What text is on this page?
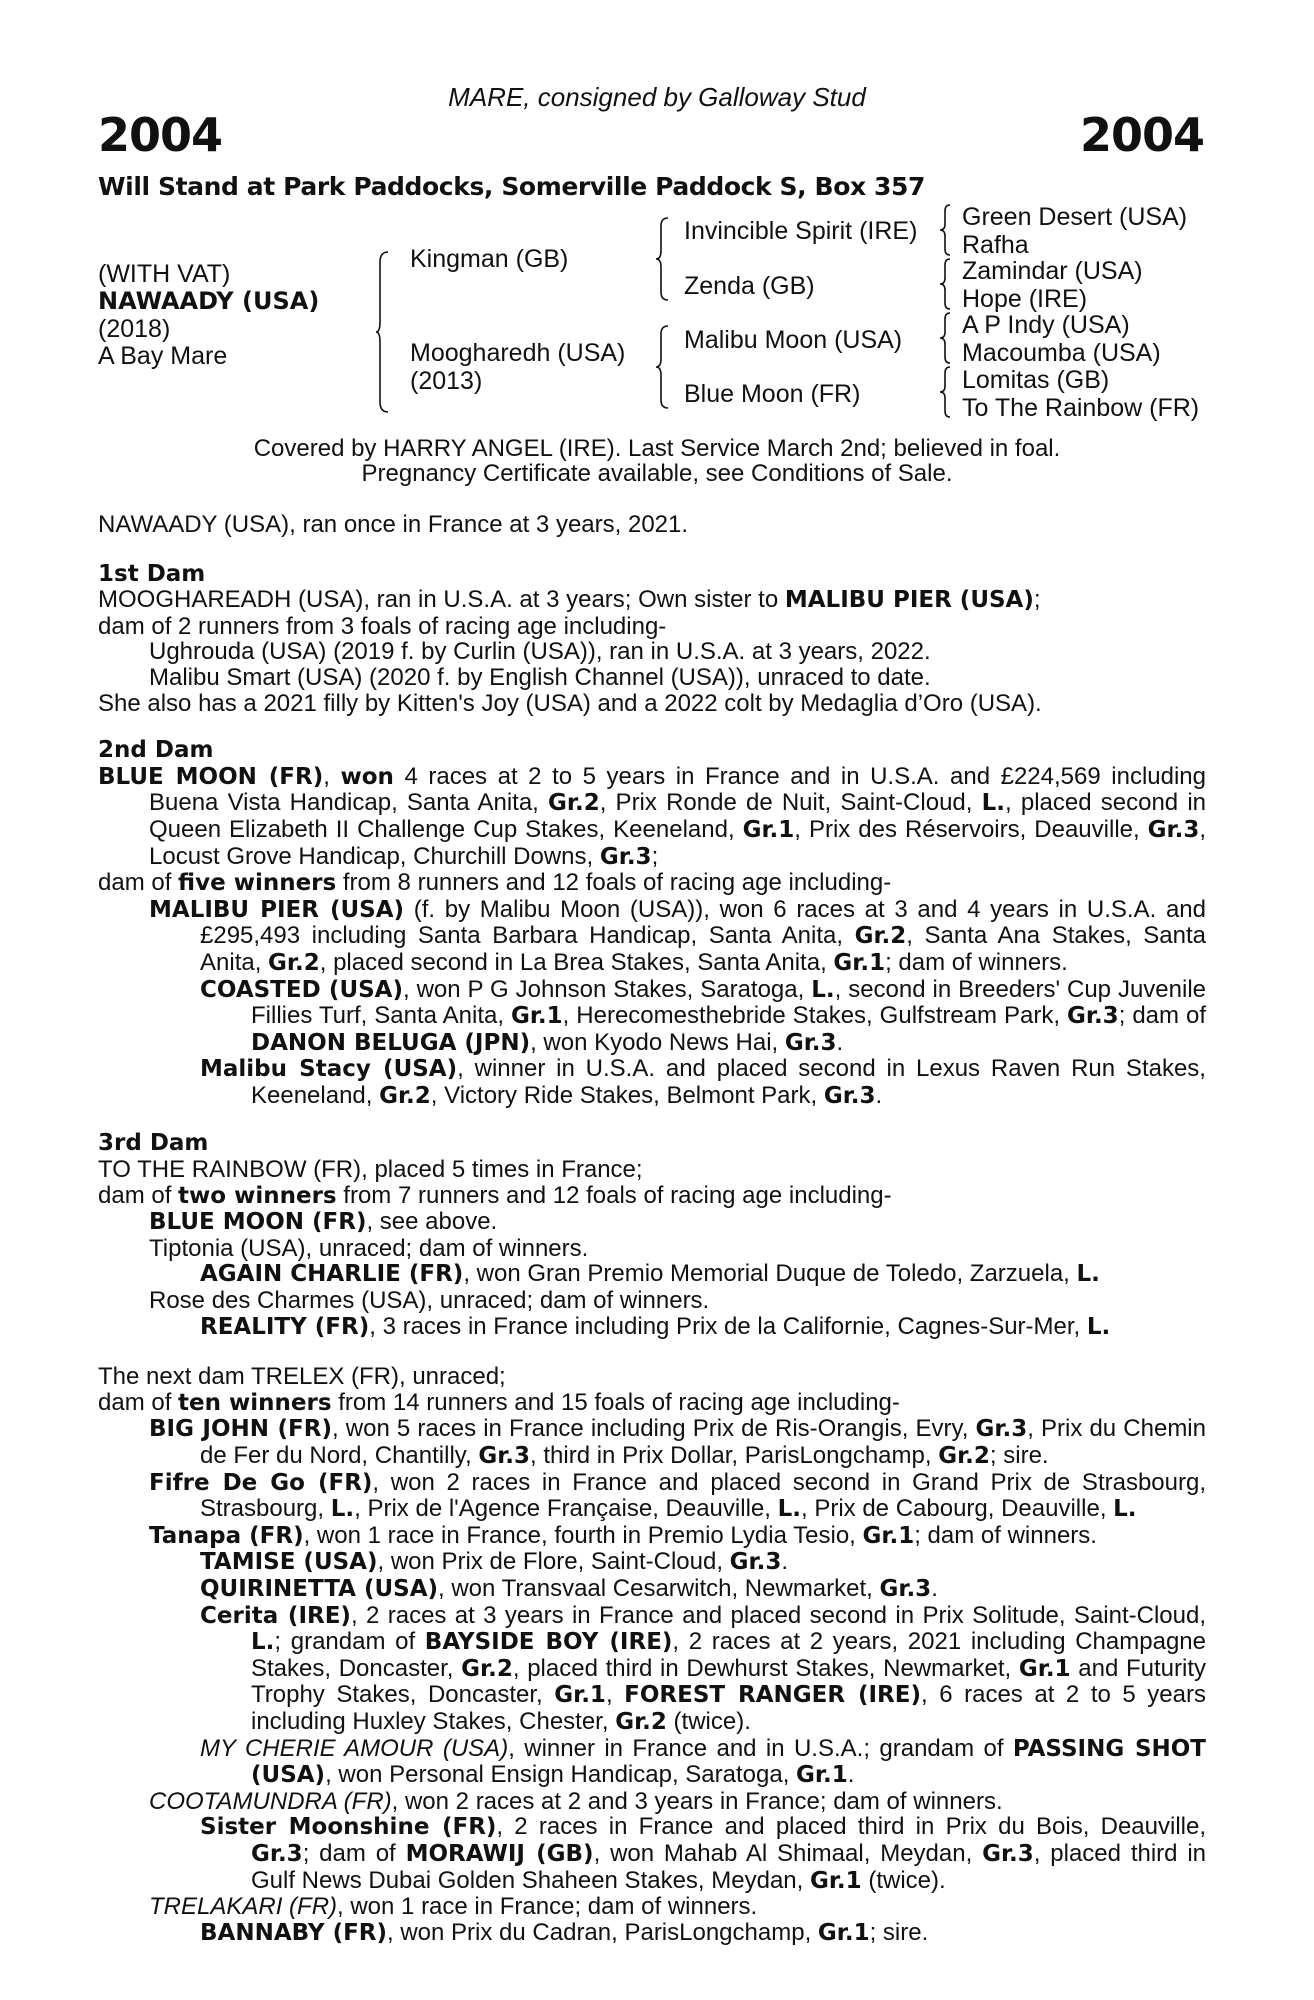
MARE, consigned by Galloway Stud
2004	2004
Will Stand at Park Paddocks, Somerville Paddock S, Box 357
(WITH VAT)
NAWAADY (USA)
(2018)
A Bay Mare
Kingman (GB)
Moogharedh (USA)
(2013)
Invincible Spirit (IRE)
Zenda (GB)
Malibu Moon (USA)
Blue Moon (FR)
Green Desert (USA)
Rafha
Zamindar (USA)
Hope (IRE)
A P Indy (USA)
Macoumba (USA)
Lomitas (GB)
To The Rainbow (FR)
Covered by HARRY ANGEL (IRE). Last Service March 2nd; believed in foal.
Pregnancy Certificate available, see Conditions of Sale.

NAWAADY (USA), ran once in France at 3 years, 2021.

1st Dam

MOOGHAREADH (USA), ran in U.S.A. at 3 years; Own sister to MALIBU PIER (USA);

dam of 2 runners from 3 foals of racing age including-

Ughrouda (USA) (2019 f. by Curlin (USA)), ran in U.S.A. at 3 years, 2022.

Malibu Smart (USA) (2020 f. by English Channel (USA)), unraced to date.

She also has a 2021 filly by Kitten's Joy (USA) and a 2022 colt by Medaglia d’Oro (USA).

2nd Dam

BLUE MOON (FR), won 4 races at 2 to 5 years in France and in U.S.A. and £224,569 including Buena Vista Handicap, Santa Anita, Gr.2, Prix Ronde de Nuit, Saint-Cloud, L., placed second in Queen Elizabeth II Challenge Cup Stakes, Keeneland, Gr.1, Prix des Réservoirs, Deauville, Gr.3, Locust Grove Handicap, Churchill Downs, Gr.3;

dam of five winners from 8 runners and 12 foals of racing age including-

MALIBU PIER (USA) (f. by Malibu Moon (USA)), won 6 races at 3 and 4 years in U.S.A. and £295,493 including Santa Barbara Handicap, Santa Anita, Gr.2, Santa Ana Stakes, Santa Anita, Gr.2, placed second in La Brea Stakes, Santa Anita, Gr.1; dam of winners.

COASTED (USA), won P G Johnson Stakes, Saratoga, L., second in Breeders' Cup Juvenile Fillies Turf, Santa Anita, Gr.1, Herecomesthebride Stakes, Gulfstream Park, Gr.3; dam of DANON BELUGA (JPN), won Kyodo News Hai, Gr.3.

Malibu Stacy (USA), winner in U.S.A. and placed second in Lexus Raven Run Stakes, Keeneland, Gr.2, Victory Ride Stakes, Belmont Park, Gr.3.

3rd Dam

TO THE RAINBOW (FR), placed 5 times in France;

dam of two winners from 7 runners and 12 foals of racing age including-

BLUE MOON (FR), see above.

Tiptonia (USA), unraced; dam of winners.

AGAIN CHARLIE (FR), won Gran Premio Memorial Duque de Toledo, Zarzuela, L.

Rose des Charmes (USA), unraced; dam of winners.

REALITY (FR), 3 races in France including Prix de la Californie, Cagnes-Sur-Mer, L.

The next dam TRELEX (FR), unraced;

dam of ten winners from 14 runners and 15 foals of racing age including-

BIG JOHN (FR), won 5 races in France including Prix de Ris-Orangis, Evry, Gr.3, Prix du Chemin de Fer du Nord, Chantilly, Gr.3, third in Prix Dollar, ParisLongchamp, Gr.2; sire.

Fifre De Go (FR), won 2 races in France and placed second in Grand Prix de Strasbourg, Strasbourg, L., Prix de l'Agence Française, Deauville, L., Prix de Cabourg, Deauville, L.

Tanapa (FR), won 1 race in France, fourth in Premio Lydia Tesio, Gr.1; dam of winners.

TAMISE (USA), won Prix de Flore, Saint-Cloud, Gr.3.

QUIRINETTA (USA), won Transvaal Cesarwitch, Newmarket, Gr.3.

Cerita (IRE), 2 races at 3 years in France and placed second in Prix Solitude, Saint-Cloud, L.; grandam of BAYSIDE BOY (IRE), 2 races at 2 years, 2021 including Champagne Stakes, Doncaster, Gr.2, placed third in Dewhurst Stakes, Newmarket, Gr.1 and Futurity Trophy Stakes, Doncaster, Gr.1, FOREST RANGER (IRE), 6 races at 2 to 5 years including Huxley Stakes, Chester, Gr.2 (twice).

MY CHERIE AMOUR (USA), winner in France and in U.S.A.; grandam of PASSING SHOT (USA), won Personal Ensign Handicap, Saratoga, Gr.1.

COOTAMUNDRA (FR), won 2 races at 2 and 3 years in France; dam of winners.

Sister Moonshine (FR), 2 races in France and placed third in Prix du Bois, Deauville, Gr.3; dam of MORAWIJ (GB), won Mahab Al Shimaal, Meydan, Gr.3, placed third in Gulf News Dubai Golden Shaheen Stakes, Meydan, Gr.1 (twice).

TRELAKARI (FR), won 1 race in France; dam of winners.

BANNABY (FR), won Prix du Cadran, ParisLongchamp, Gr.1; sire.
